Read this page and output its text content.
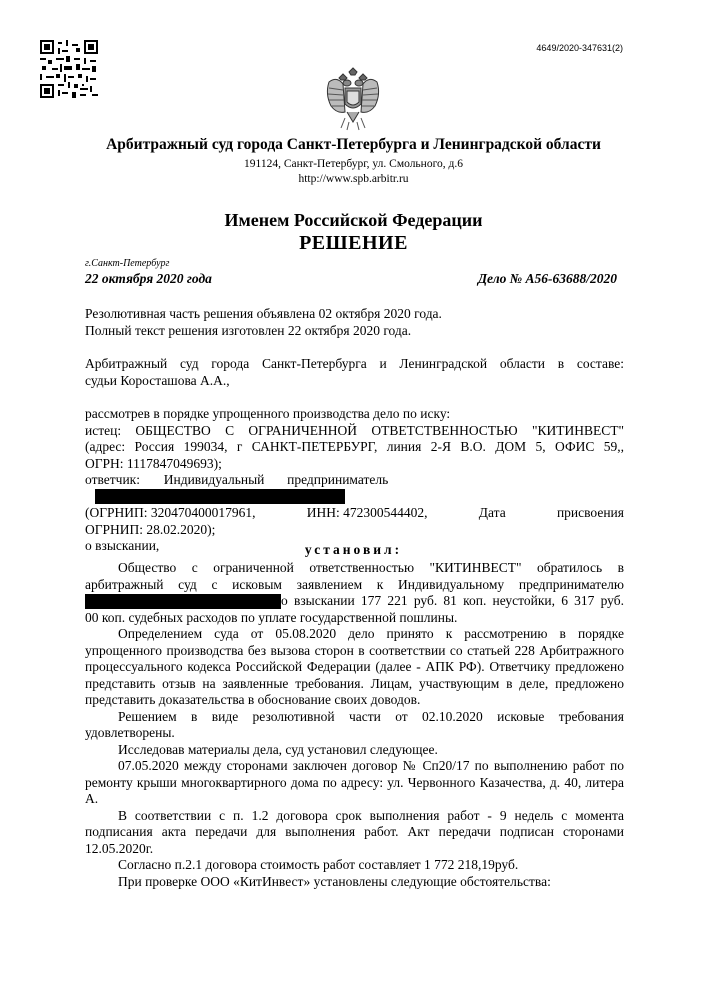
4649/2020-347631(2)
Арбитражный суд города Санкт-Петербурга и Ленинградской области
191124, Санкт-Петербург, ул. Смольного, д.6
http://www.spb.arbitr.ru
Именем Российской Федерации
РЕШЕНИЕ
г.Санкт-Петербург
22 октября 2020 года	Дело № А56-63688/2020

Резолютивная часть решения объявлена 02 октября 2020 года.

Полный текст решения изготовлен 22 октября 2020 года.

Арбитражный суд города Санкт-Петербурга и Ленинградской области в составе:

судьи Коросташова А.А.,

рассмотрев в порядке упрощенного производства дело по иску:

истец: ОБЩЕСТВО С ОГРАНИЧЕННОЙ ОТВЕТСТВЕННОСТЬЮ "КИТИНВЕСТ"

(адрес: Россия 199034, г САНКТ-ПЕТЕРБУРГ, линия 2-Я В.О. ДОМ 5, ОФИС 59,,

ОГРН: 1117847049693);

ответчик: Индивидуальный предприниматель

(ОГРНИП: 320470400017961,	ИНН: 472300544402,	Дата	присвоения

ОГРНИП: 28.02.2020);

о взыскании,	установил:

Общество с ограниченной ответственностью "КИТИНВЕСТ" обратилось в

арбитражный суд с исковым заявлением к Индивидуальному предпринимателю

о взыскании 177 221 руб. 81 коп. неустойки, 6 317 руб.

00 коп. судебных расходов по уплате государственной пошлины.

Определением суда от 05.08.2020 дело принято к рассмотрению в порядке упрощенного производства без вызова сторон в соответствии со статьей 228 Арбитражного процессуального кодекса Российской Федерации (далее - АПК РФ). Ответчику предложено представить отзыв на заявленные требования. Лицам, участвующим в деле, предложено представить доказательства в обоснование своих доводов.

Решением в виде резолютивной части от 02.10.2020 исковые требования удовлетворены.

Исследовав материалы дела, суд установил следующее.

07.05.2020 между сторонами заключен договор № Сп20/17 по выполнению работ по ремонту крыши многоквартирного дома по адресу: ул. Червонного Казачества, д. 40, литера А.

В соответствии с п. 1.2 договора срок выполнения работ - 9 недель с момента подписания акта передачи для выполнения работ. Акт передачи подписан сторонами 12.05.2020г.

Согласно п.2.1 договора стоимость работ составляет 1 772 218,19руб.

При проверке ООО «КитИнвест» установлены следующие обстоятельства:
